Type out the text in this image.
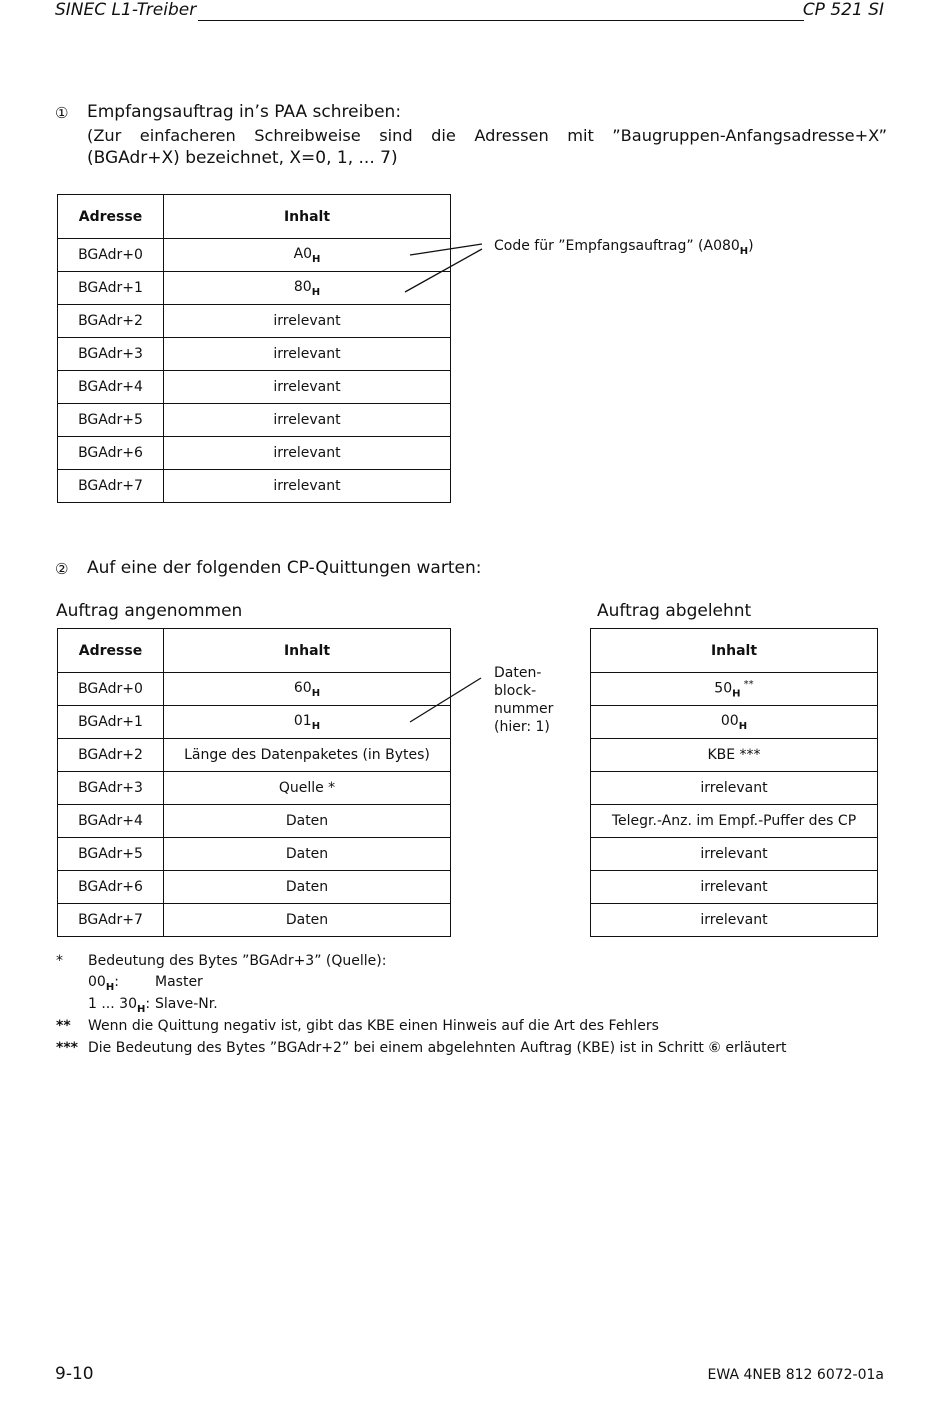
SINEC L1-Treiber	CP 521 SI
① Empfangsauftrag in’s PAA schreiben:
(Zur einfacheren Schreibweise sind die Adressen mit ”Baugruppen-Anfangsadresse+X”
(BGAdr+X) bezeichnet, X=0, 1, ... 7)
Adresse	Inhalt
BGAdr+0	$A0_H$
BGAdr+1	$80_H$
BGAdr+2	irrelevant
BGAdr+3	irrelevant
BGAdr+4	irrelevant
BGAdr+5	irrelevant
BGAdr+6	irrelevant
BGAdr+7	irrelevant
Code für ”Empfangsauftrag” $(A080_H)$
② Auf eine der folgenden CP-Quittungen warten:
Auftrag angenommen	Auftrag abgelehnt
Adresse	Inhalt
BGAdr+0	$60_H$
BGAdr+1	$01_H$
BGAdr+2	Länge des Datenpaketes (in Bytes)
BGAdr+3	Quelle *
BGAdr+4	Daten
BGAdr+5	Daten
BGAdr+6	Daten
BGAdr+7	Daten
Daten-
block-
nummer
(hier: 1)
Inhalt
$50_H$ **
$00_H$
KBE ***
irrelevant
Telegr.-Anz. im Empf.-Puffer des CP
irrelevant
irrelevant
irrelevant
* Bedeutung des Bytes ”BGAdr+3” (Quelle):
$00_H$:	Master
1 ... $30_H$: Slave-Nr.
** Wenn die Quittung negativ ist, gibt das KBE einen Hinweis auf die Art des Fehlers
*** Die Bedeutung des Bytes ”BGAdr+2” bei einem abgelehnten Auftrag (KBE) ist in Schritt ⑥ erläutert
9-10	EWA 4NEB 812 6072-01a
